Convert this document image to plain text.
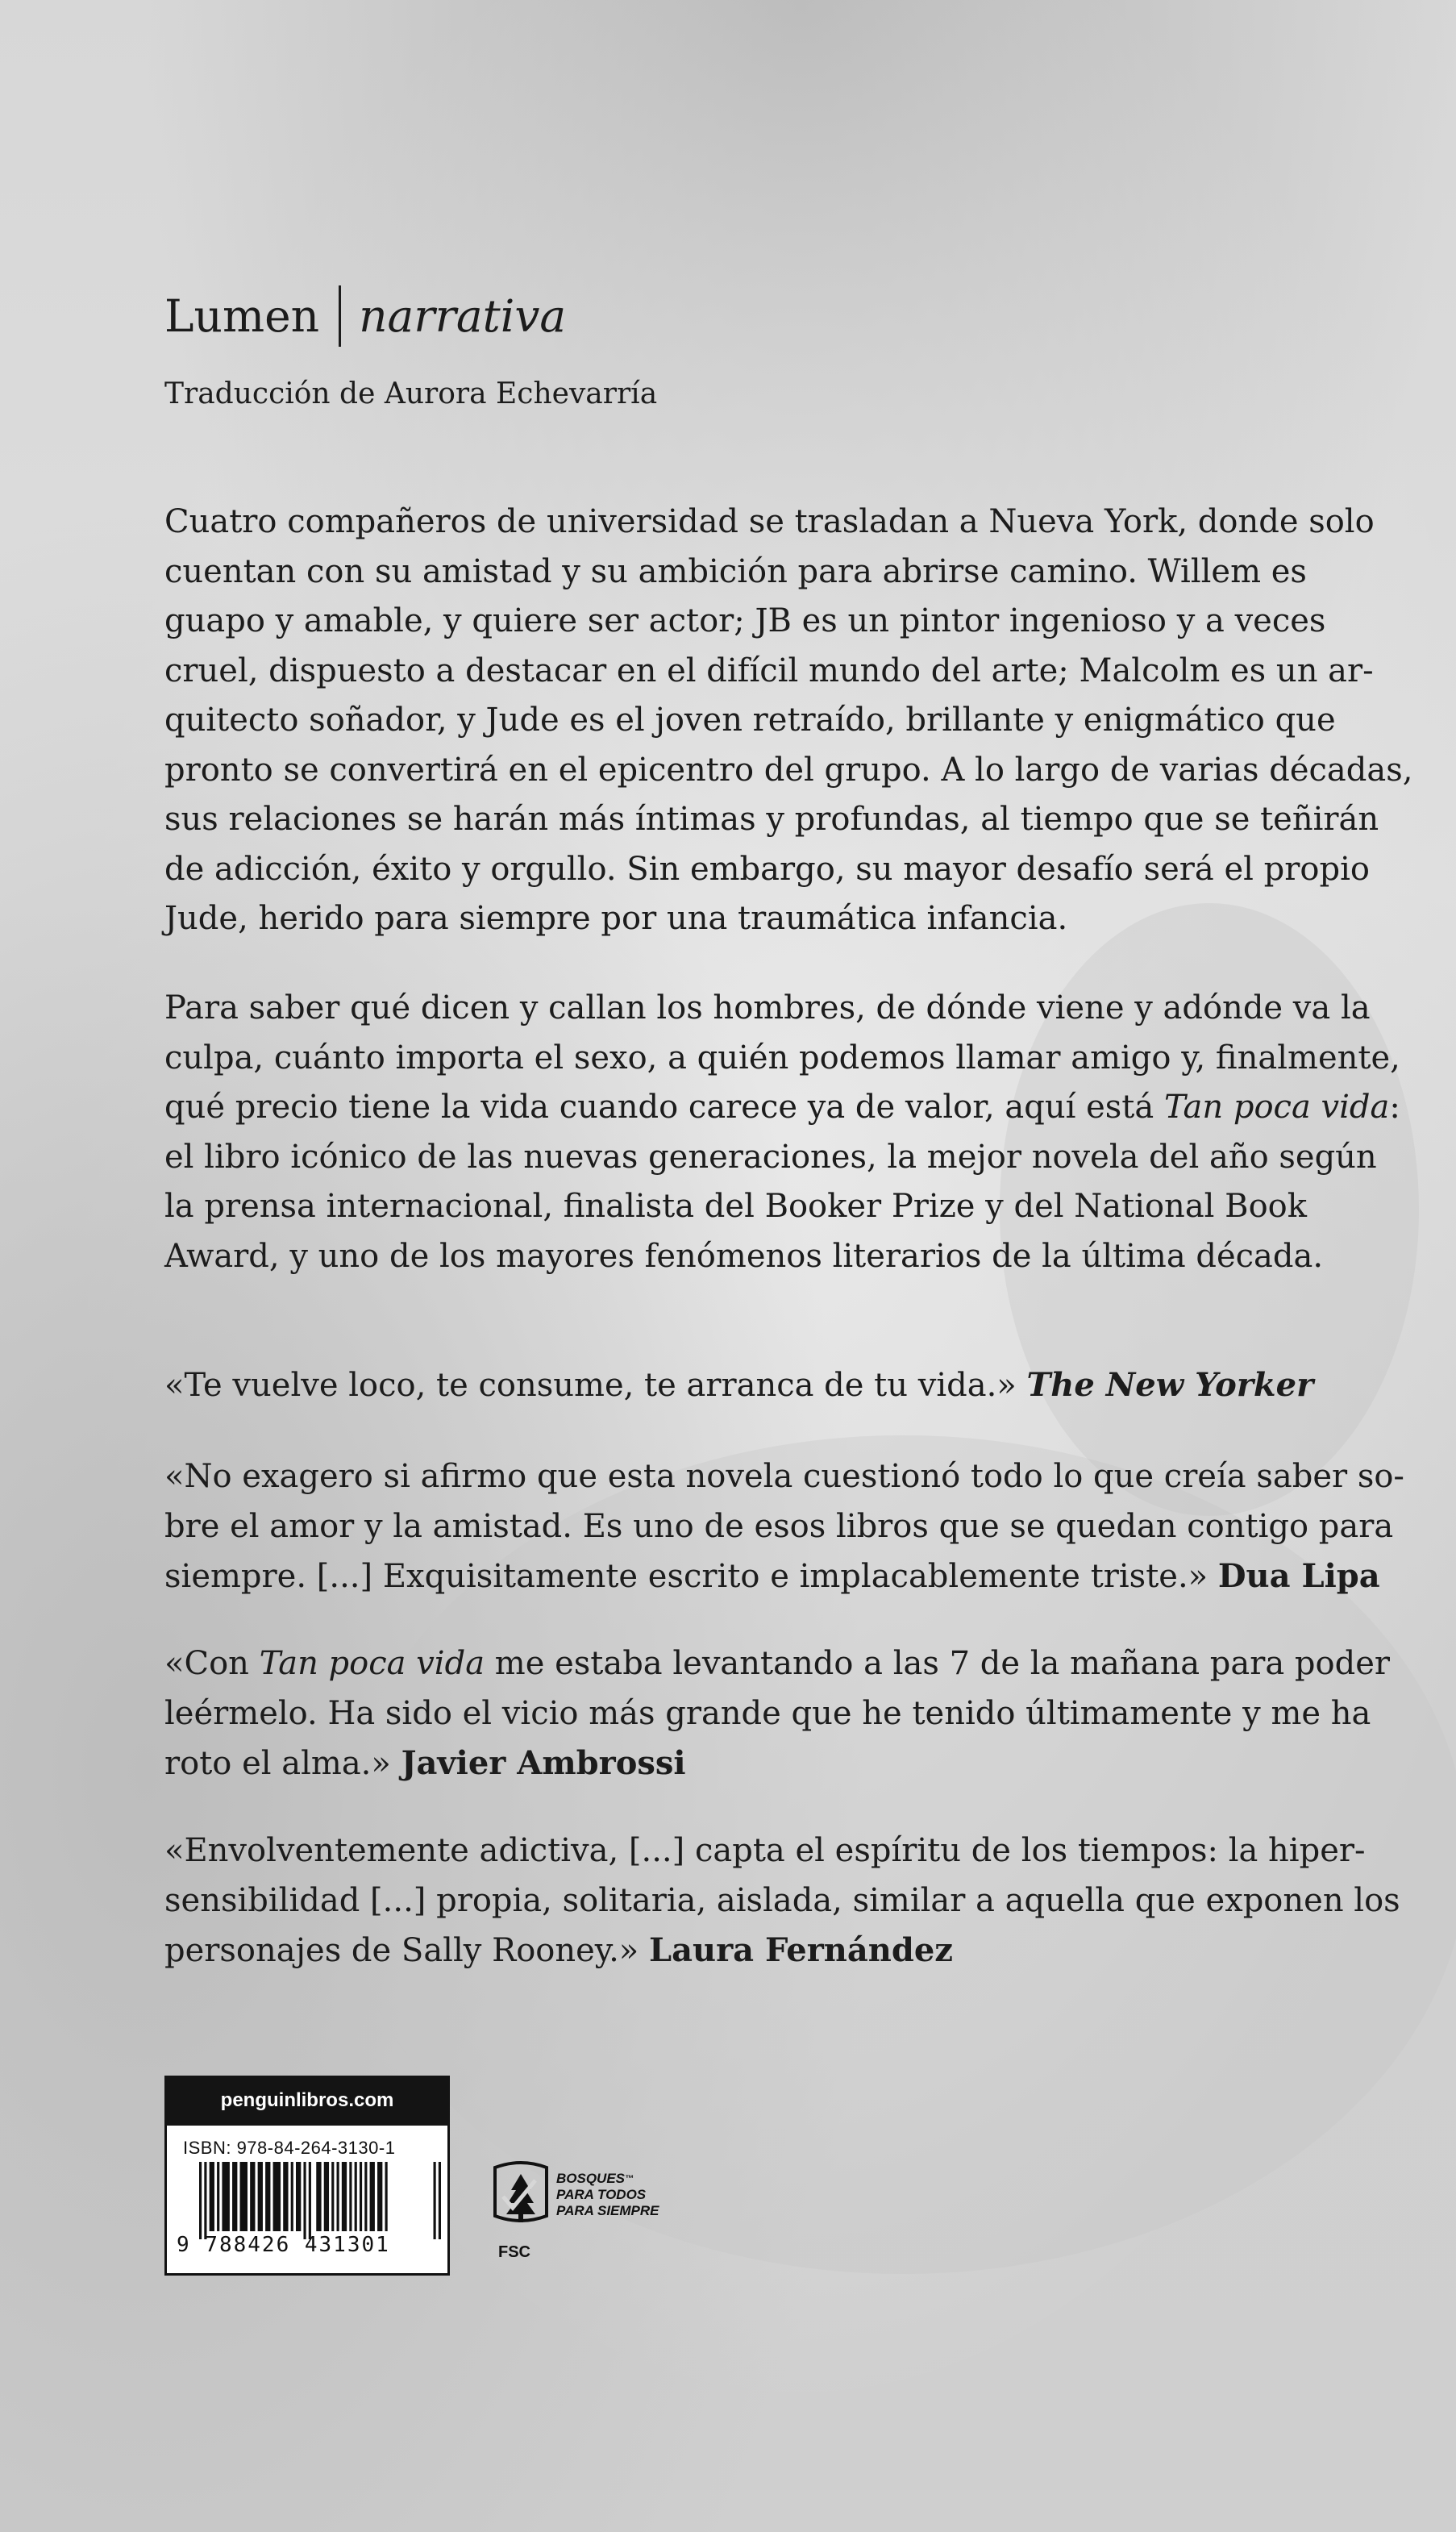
Lumen narrativa
Traducción de Aurora Echevarría

Cuatro compañeros de universidad se trasladan a Nueva York, donde solo
cuentan con su amistad y su ambición para abrirse camino. Willem es
guapo y amable, y quiere ser actor; JB es un pintor ingenioso y a veces
cruel, dispuesto a destacar en el difícil mundo del arte; Malcolm es un ar-
quitecto soñador, y Jude es el joven retraído, brillante y enigmático que
pronto se convertirá en el epicentro del grupo. A lo largo de varias décadas,
sus relaciones se harán más íntimas y profundas, al tiempo que se teñirán
de adicción, éxito y orgullo. Sin embargo, su mayor desafío será el propio
Jude, herido para siempre por una traumática infancia.

Para saber qué dicen y callan los hombres, de dónde viene y adónde va la
culpa, cuánto importa el sexo, a quién podemos llamar amigo y, finalmente,
qué precio tiene la vida cuando carece ya de valor, aquí está Tan poca vida:
el libro icónico de las nuevas generaciones, la mejor novela del año según
la prensa internacional, finalista del Booker Prize y del National Book
Award, y uno de los mayores fenómenos literarios de la última década.

«Te vuelve loco, te consume, te arranca de tu vida.» The New Yorker

«No exagero si afirmo que esta novela cuestionó todo lo que creía saber so-
bre el amor y la amistad. Es uno de esos libros que se quedan contigo para
siempre. [...] Exquisitamente escrito e implacablemente triste.» Dua Lipa

«Con Tan poca vida me estaba levantando a las 7 de la mañana para poder
leérmelo. Ha sido el vicio más grande que he tenido últimamente y me ha
roto el alma.» Javier Ambrossi

«Envolventemente adictiva, [...] capta el espíritu de los tiempos: la hiper-
sensibilidad [...] propia, solitaria, aislada, similar a aquella que exponen los
personajes de Sally Rooney.» Laura Fernández

penguinlibros.com
ISBN: 978-84-264-3130-1
9 788426 431301
BOSQUES™
PARA TODOS
PARA SIEMPRE
FSC
